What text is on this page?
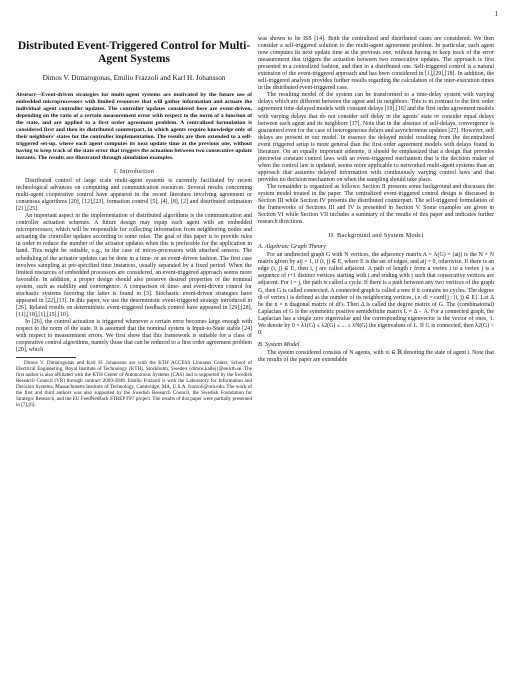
1
Distributed Event-Triggered Control for Multi-Agent Systems
Dimos V. Dimarogonas, Emilio Frazzoli and Karl H. Johansson
Abstract—Event-driven strategies for multi-agent systems are motivated by the future use of embedded microprocessors with limited resources that will gather information and actuate the individual agent controller updates. The controller updates considered here are event-driven, depending on the ratio of a certain measurement error with respect to the norm of a function of the state, and are applied to a first order agreement problem. A centralized formulation is considered first and then its distributed counterpart, in which agents require knowledge only of their neighbors' states for the controller implementation. The results are then extended to a self-triggered set-up, where each agent computes its next update time at the previous one, without having to keep track of the state error that triggers the actuation between two consecutive update instants. The results are illustrated through simulation examples.
I. Introduction

Distributed control of large scale multi-agent systems is currently facilitated by recent technological advances on computing and communication resources. Several results concerning multi-agent cooperative control have appeared in the recent literature involving agreement or consensus algorithms [20], [12],[23], formation control [5], [4], [8], [2] and distributed estimation [21],[25].

An important aspect in the implementation of distributed algorithms is the communication and controller actuation schemes. A future design may equip each agent with an embedded microprocessor, which will be responsible for collecting information from neighboring nodes and actuating the controller updates according to some rules. The goal of this paper is to provide rules in order to reduce the number of the actuator updates when this is preferable for the application in hand. This might be suitable, e.g., in the case of micro-processors with attached sensors. The scheduling of the actuator updates can be done in a time- or an event-driven fashion. The first case involves sampling at pre-specified time instances, usually separated by a fixed period. When the limited resources of embedded processors are considered, an event-triggered approach seems more favorable. In addition, a proper design should also preserve desired properties of the nominal system, such as stability and convergence. A comparison of time- and event-driven control for stochastic systems favoring the latter is found in [3]. Stochastic event-driven strategies have appeared in [22],[13]. In this paper, we use the deterministic event-triggered strategy introduced in [26]. Related results on deterministic event-triggered feedback control have appeared in [29],[28],[11],[18],[1],[15],[10].

In [26], the control actuation is triggered whenever a certain error becomes large enough with respect to the norm of the state. It is assumed that the nominal system is Input-to-State stable [24] with respect to measurement errors. We first show that this framework is suitable for a class of cooperative control algorithms, namely those that can be reduced to a first order agreement problem [20], which

Dimos V. Dimarogonas and Karl H. Johansson are with the KTH ACCESS Linnaeus Center, School of Electrical Engineering, Royal Institute of Technology (KTH), Stockholm, Sweden {dimos,kallej}@ee.kth.se. The first author is also affiliated with the KTH Center of Autonomous Systems (CAS) and is supported by the Swedish Research Council (VR) through contract 2009-3948. Emilio Frazzoli is with the Laboratory for Information and Decision Systems, Massachusetts Institute of Technology, Cambridge, MA, U.S.A. frazzoli@mit.edu. The work of the first and third authors was also supported by the Swedish Research Council, the Swedish Foundation for Strategic Research, and the EU FeedNetBack STREP FP7 project. The results of this paper were partially presented in [7],[6].

was shown to be ISS [14]. Both the centralized and distributed cases are considered. We then consider a self-triggered solution to the multi-agent agreement problem. In particular, each agent now computes its next update time at the previous one, without having to keep track of the error measurement that triggers the actuation between two consecutive updates. The approach is first presented in a centralized fashion, and then in a distributed one. Self-triggered control is a natural extension of the event-triggered approach and has been considered in [1],[29],[18]. In addition, the self-triggered analysis provides further results regarding the calculation of the inter-execution times in the distributed event-triggered case.

The resulting model of the system can be transformed to a time-delay system with varying delays which are different between the agent and its neighbors. This is in contrast to the first order agreement time-delayed models with constant delays [19],[16] and the first order agreement models with varying delays that do not consider self delay in the agents' state or consider equal delays between each agent and its neighbors [17]. Note that in the absence of self-delays, convergence is guaranteed even for the case of heterogeneous delays and asynchronous updates [27]. However, self delays are present in our model. In essence the delayed model resulting from the decentralized event triggered setup is more general than the first order agreement models with delays found in literature. On an equally important sidenote, it should be emphasized that a design that provides piecewise constant control laws with an event-triggered mechanism that is the decision maker of when the control law is updated, seems more applicable to networked multi-agent systems than an approach that assumes delayed information with continuously varying control laws and that provides no decision mechanism on when the sampling should take place.

The remainder is organized as follows: Section II presents some background and discusses the system model treated in the paper. The centralized event-triggered control design is discussed in Section III while Section IV presents the distributed counterpart. The self-triggered formulation of the frameworks of Sections III and IV is presented in Section V. Some examples are given in Section VI while Section VII includes a summary of the results of this paper and indicates further research directions.

II. Background and System Model
A. Algebraic Graph Theory

For an undirected graph G with N vertices, the adjacency matrix A = A(G) = (aij) is the N × N matrix given by aij = 1, if (i, j) ∈ E, where E is the set of edges, and aij = 0, otherwise. If there is an edge (i, j) ∈ E, then i, j are called adjacent. A path of length r from a vertex i to a vertex j is a sequence of r+1 distinct vertices starting with i and ending with j such that consecutive vertices are adjacent. For i = j, the path is called a cycle. If there is a path between any two vertices of the graph G, then G is called connected. A connected graph is called a tree if it contains no cycles. The degree di of vertex i is defined as the number of its neighboring vertices, i.e. di = card{j : (i, j) ∈ E}. Let Δ be the n × n diagonal matrix of di's. Then Δ is called the degree matrix of G. The (combinatorial) Laplacian of G is the symmetric positive semidefinite matrix L = Δ − A. For a connected graph, the Laplacian has a single zero eigenvalue and the corresponding eigenvector is the vector of ones, 1. We denote by 0 = λ1(G) ≤ λ2(G) ≤ ... ≤ λN(G) the eigenvalues of L. If G is connected, then λ2(G) > 0.

B. System Model

The system considered consists of N agents, with xi ∈ ℝ denoting the state of agent i. Note that the results of the paper are extendable
